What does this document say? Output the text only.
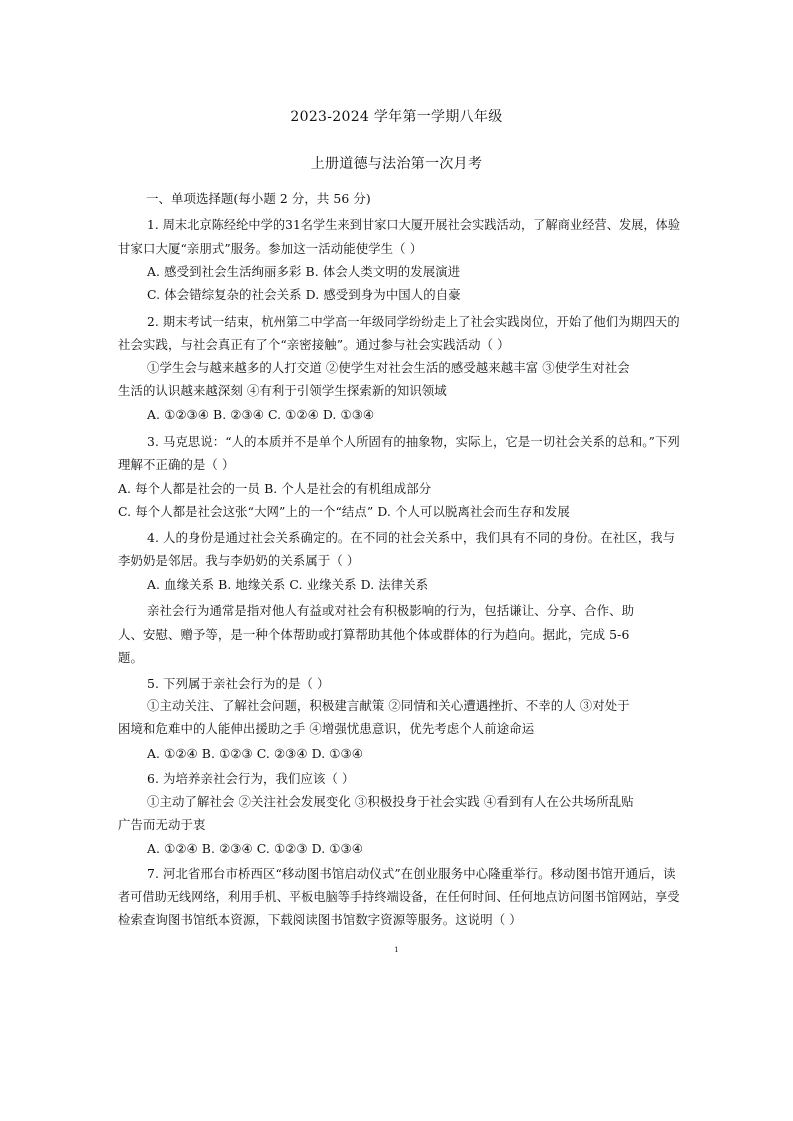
2023-2024 学年第一学期八年级
上册道德与法治第一次月考
一、单项选择题(每小题 2 分，共 56 分)
1. 周末北京陈经纶中学的31名学生来到甘家口大厦开展社会实践活动，了解商业经营、发展，体验
甘家口大厦“亲朋式”服务。参加这一活动能使学生（ ）
A. 感受到社会生活绚丽多彩 B. 体会人类文明的发展演进
C. 体会错综复杂的社会关系 D. 感受到身为中国人的自豪
2. 期末考试一结束，杭州第二中学高一年级同学纷纷走上了社会实践岗位，开始了他们为期四天的
社会实践，与社会真正有了个“亲密接触”。通过参与社会实践活动（ ）
①学生会与越来越多的人打交道 ②使学生对社会生活的感受越来越丰富 ③使学生对社会
生活的认识越来越深刻 ④有利于引领学生探索新的知识领域
A. ①②③④ B. ②③④ C. ①②④ D. ①③④
3. 马克思说：“人的本质并不是单个人所固有的抽象物，实际上，它是一切社会关系的总和。”下列
理解不正确的是（ ）
A. 每个人都是社会的一员 B. 个人是社会的有机组成部分
C. 每个人都是社会这张“大网”上的一个“结点” D. 个人可以脱离社会而生存和发展
4. 人的身份是通过社会关系确定的。在不同的社会关系中，我们具有不同的身份。在社区，我与
李奶奶是邻居。我与李奶奶的关系属于（ ）
A. 血缘关系 B. 地缘关系 C. 业缘关系 D. 法律关系
亲社会行为通常是指对他人有益或对社会有积极影响的行为，包括谦让、分享、合作、助
人、安慰、赠予等，是一种个体帮助或打算帮助其他个体或群体的行为趋向。据此，完成 5-6
题。
5. 下列属于亲社会行为的是（ ）
①主动关注、了解社会问题，积极建言献策 ②同情和关心遭遇挫折、不幸的人 ③对处于
困境和危难中的人能伸出援助之手 ④增强忧患意识，优先考虑个人前途命运
A. ①②④ B. ①②③ C. ②③④ D. ①③④
6. 为培养亲社会行为，我们应该（ ）
①主动了解社会 ②关注社会发展变化 ③积极投身于社会实践 ④看到有人在公共场所乱贴
广告而无动于衷
A. ①②④ B. ②③④ C. ①②③ D. ①③④
7. 河北省邢台市桥西区“移动图书馆启动仪式”在创业服务中心隆重举行。移动图书馆开通后，读
者可借助无线网络，利用手机、平板电脑等手持终端设备，在任何时间、任何地点访问图书馆网站，享受
检索查询图书馆纸本资源，下载阅读图书馆数字资源等服务。这说明（ ）
1
